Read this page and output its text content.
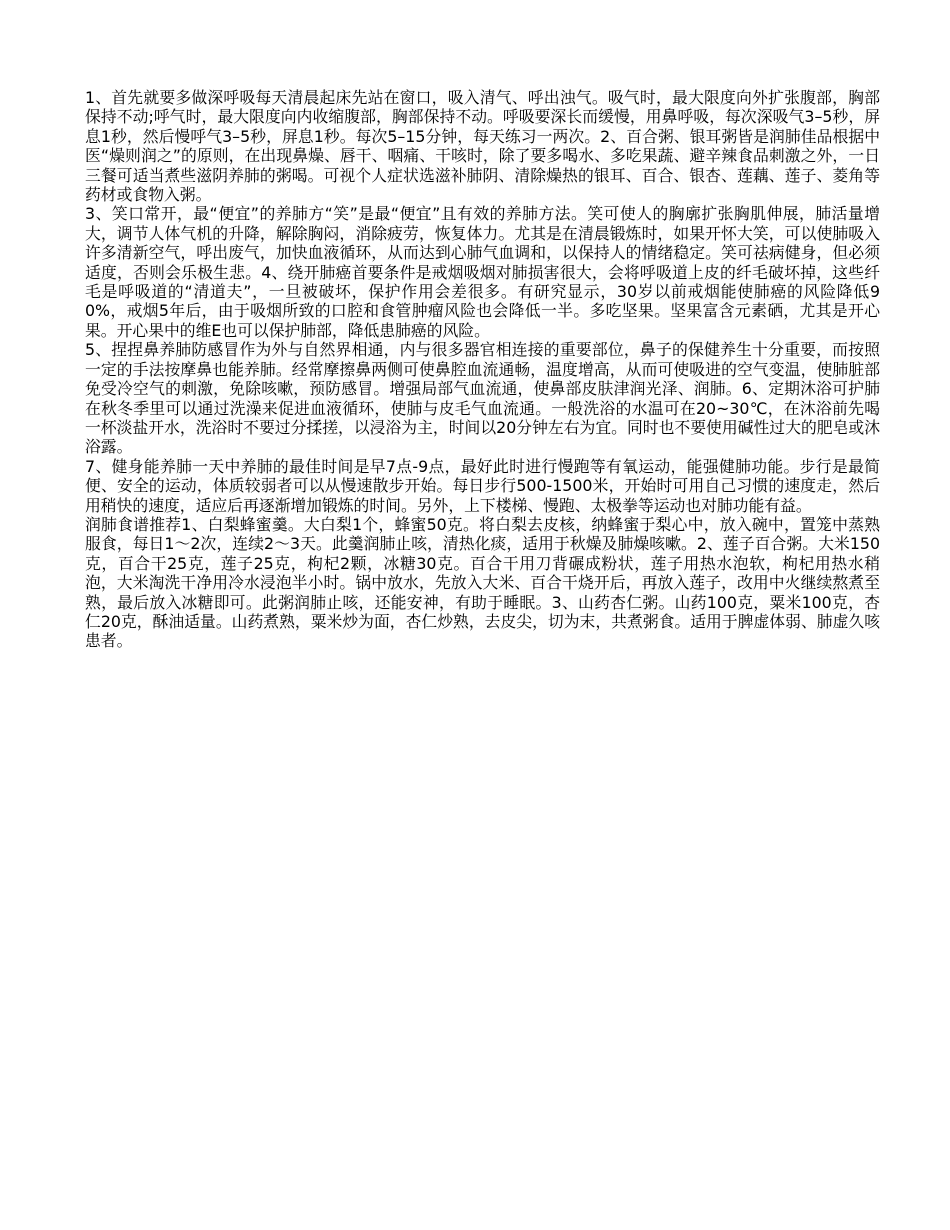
1、首先就要多做深呼吸每天清晨起床先站在窗口，吸入清气、呼出浊气。吸气时，最大限度向外扩张腹部，胸部保持不动;呼气时，最大限度向内收缩腹部，胸部保持不动。呼吸要深长而缓慢，用鼻呼吸，每次深吸气3–5秒，屏息1秒，然后慢呼气3–5秒，屏息1秒。每次5–15分钟，每天练习一两次。2、百合粥、银耳粥皆是润肺佳品根据中医“燥则润之”的原则，在出现鼻燥、唇干、咽痛、干咳时，除了要多喝水、多吃果蔬、避辛辣食品刺激之外，一日三餐可适当煮些滋阴养肺的粥喝。可视个人症状选滋补肺阴、清除燥热的银耳、百合、银杏、莲藕、莲子、菱角等药材或食物入粥。

3、笑口常开，最“便宜”的养肺方“笑”是最“便宜”且有效的养肺方法。笑可使人的胸廓扩张胸肌伸展，肺活量增大，调节人体气机的升降，解除胸闷，消除疲劳，恢复体力。尤其是在清晨锻炼时，如果开怀大笑，可以使肺吸入许多清新空气，呼出废气，加快血液循环，从而达到心肺气血调和，以保持人的情绪稳定。笑可祛病健身，但必须适度，否则会乐极生悲。4、绕开肺癌首要条件是戒烟吸烟对肺损害很大，会将呼吸道上皮的纤毛破坏掉，这些纤毛是呼吸道的“清道夫”，一旦被破坏，保护作用会差很多。有研究显示，30岁以前戒烟能使肺癌的风险降低90%，戒烟5年后，由于吸烟所致的口腔和食管肿瘤风险也会降低一半。多吃坚果。坚果富含元素硒，尤其是开心果。开心果中的维E也可以保护肺部，降低患肺癌的风险。

5、捏捏鼻养肺防感冒作为外与自然界相通，内与很多器官相连接的重要部位，鼻子的保健养生十分重要，而按照一定的手法按摩鼻也能养肺。经常摩擦鼻两侧可使鼻腔血流通畅，温度增高，从而可使吸进的空气变温，使肺脏部免受冷空气的刺激，免除咳嗽，预防感冒。增强局部气血流通，使鼻部皮肤津润光泽、润肺。6、定期沐浴可护肺在秋冬季里可以通过洗澡来促进血液循环，使肺与皮毛气血流通。一般洗浴的水温可在20~30℃，在沐浴前先喝一杯淡盐开水，洗浴时不要过分揉搓，以浸浴为主，时间以20分钟左右为宜。同时也不要使用碱性过大的肥皂或沐浴露。

7、健身能养肺一天中养肺的最佳时间是早7点-9点，最好此时进行慢跑等有氧运动，能强健肺功能。步行是最简便、安全的运动，体质较弱者可以从慢速散步开始。每日步行500-1500米，开始时可用自己习惯的速度走，然后用稍快的速度，适应后再逐渐增加锻炼的时间。另外，上下楼梯、慢跑、太极拳等运动也对肺功能有益。

润肺食谱推荐1、白梨蜂蜜羹。大白梨1个，蜂蜜50克。将白梨去皮核，纳蜂蜜于梨心中，放入碗中，置笼中蒸熟服食，每日1～2次，连续2～3天。此羹润肺止咳，清热化痰，适用于秋燥及肺燥咳嗽。2、莲子百合粥。大米150克，百合干25克，莲子25克，枸杞2颗，冰糖30克。百合干用刀背碾成粉状，莲子用热水泡软，枸杞用热水稍泡，大米淘洗干净用冷水浸泡半小时。锅中放水，先放入大米、百合干烧开后，再放入莲子，改用中火继续熬煮至熟，最后放入冰糖即可。此粥润肺止咳，还能安神，有助于睡眠。3、山药杏仁粥。山药100克，粟米100克，杏仁20克，酥油适量。山药煮熟，粟米炒为面，杏仁炒熟，去皮尖，切为末，共煮粥食。适用于脾虚体弱、肺虚久咳患者。
